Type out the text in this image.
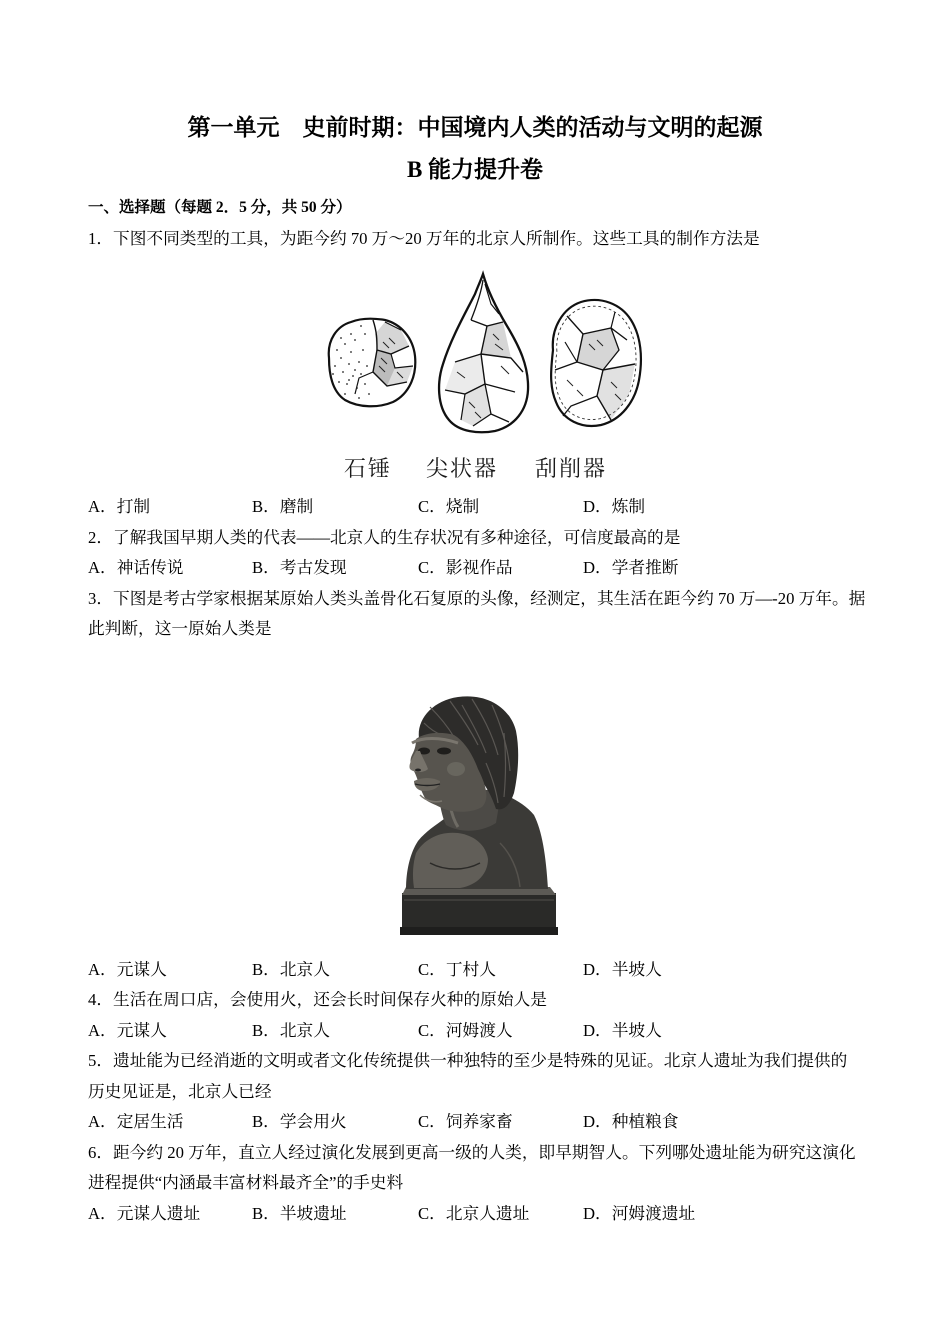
第一单元　史前时期：中国境内人类的活动与文明的起源
B 能力提升卷
一、选择题（每题 2．5 分，共 50 分）
1．下图不同类型的工具，为距今约 70 万～20 万年的北京人所制作。这些工具的制作方法是
石锤 尖状器 刮削器
A．打制	B．磨制	C．烧制	D．炼制
2．了解我国早期人类的代表——北京人的生存状况有多种途径，可信度最高的是
A．神话传说	B．考古发现	C．影视作品	D．学者推断
3．下图是考古学家根据某原始人类头盖骨化石复原的头像，经测定，其生活在距今约 70 万—-20 万年。据
此判断，这一原始人类是
A．元谋人	B．北京人	C．丁村人	D．半坡人
4．生活在周口店，会使用火，还会长时间保存火种的原始人是
A．元谋人	B．北京人	C．河姆渡人	D．半坡人
5．遗址能为已经消逝的文明或者文化传统提供一种独特的至少是特殊的见证。北京人遗址为我们提供的
历史见证是，北京人已经
A．定居生活	B．学会用火	C．饲养家畜	D．种植粮食
6．距今约 20 万年，直立人经过演化发展到更高一级的人类，即早期智人。下列哪处遗址能为研究这演化
进程提供“内涵最丰富材料最齐全”的手史料
A．元谋人遗址	B．半坡遗址	C．北京人遗址	D．河姆渡遗址
